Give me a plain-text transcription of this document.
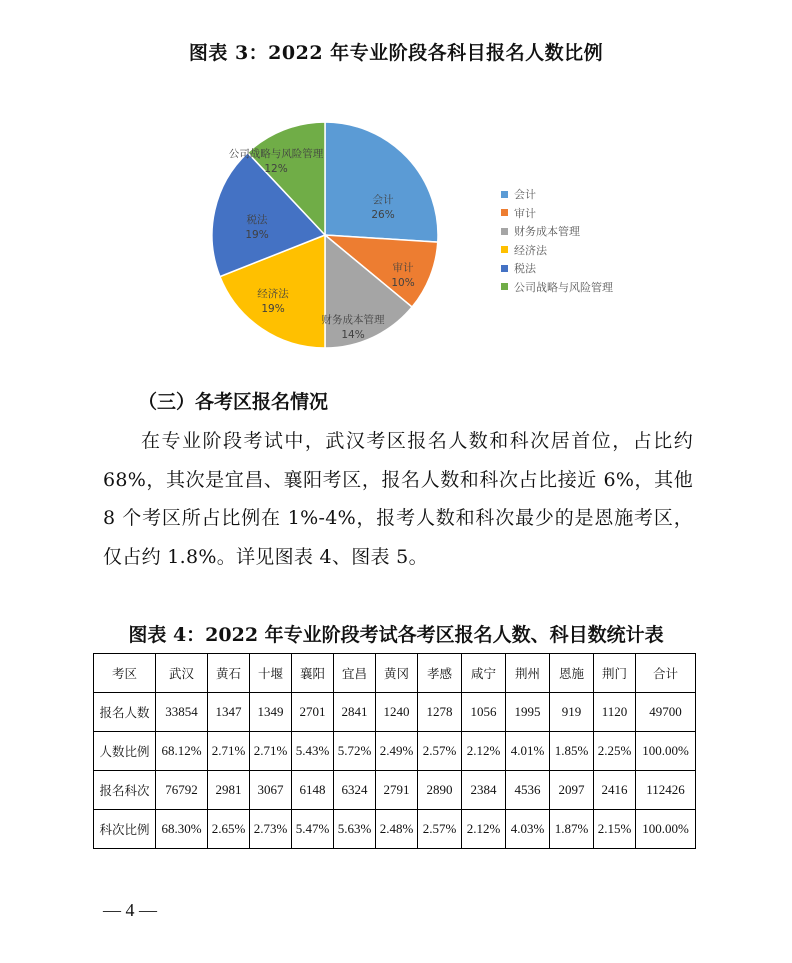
图表 3：2022 年专业阶段各科目报名人数比例
会计
26%
审计
10%
财务成本管理
14%
经济法
19%
税法
19%
公司战略与风险管理
12%
会计
审计
财务成本管理
经济法
税法
公司战略与风险管理
（三）各考区报名情况

在专业阶段考试中，武汉考区报名人数和科次居首位，占比约 68%，其次是宜昌、襄阳考区，报名人数和科次占比接近 6%，其他 8 个考区所占比例在 1%-4%，报考人数和科次最少的是恩施考区，仅占约 1.8%。详见图表 4、图表 5。

图表 4：2022 年专业阶段考试各考区报名人数、科目数统计表
考区	武汉	黄石	十堰	襄阳	宜昌	黄冈	孝感	咸宁	荆州	恩施	荆门	合计
报名人数	33854	1347	1349	2701	2841	1240	1278	1056	1995	919	1120	49700
人数比例	68.12%	2.71%	2.71%	5.43%	5.72%	2.49%	2.57%	2.12%	4.01%	1.85%	2.25%	100.00%
报名科次	76792	2981	3067	6148	6324	2791	2890	2384	4536	2097	2416	112426
科次比例	68.30%	2.65%	2.73%	5.47%	5.63%	2.48%	2.57%	2.12%	4.03%	1.87%	2.15%	100.00%
— 4 —
